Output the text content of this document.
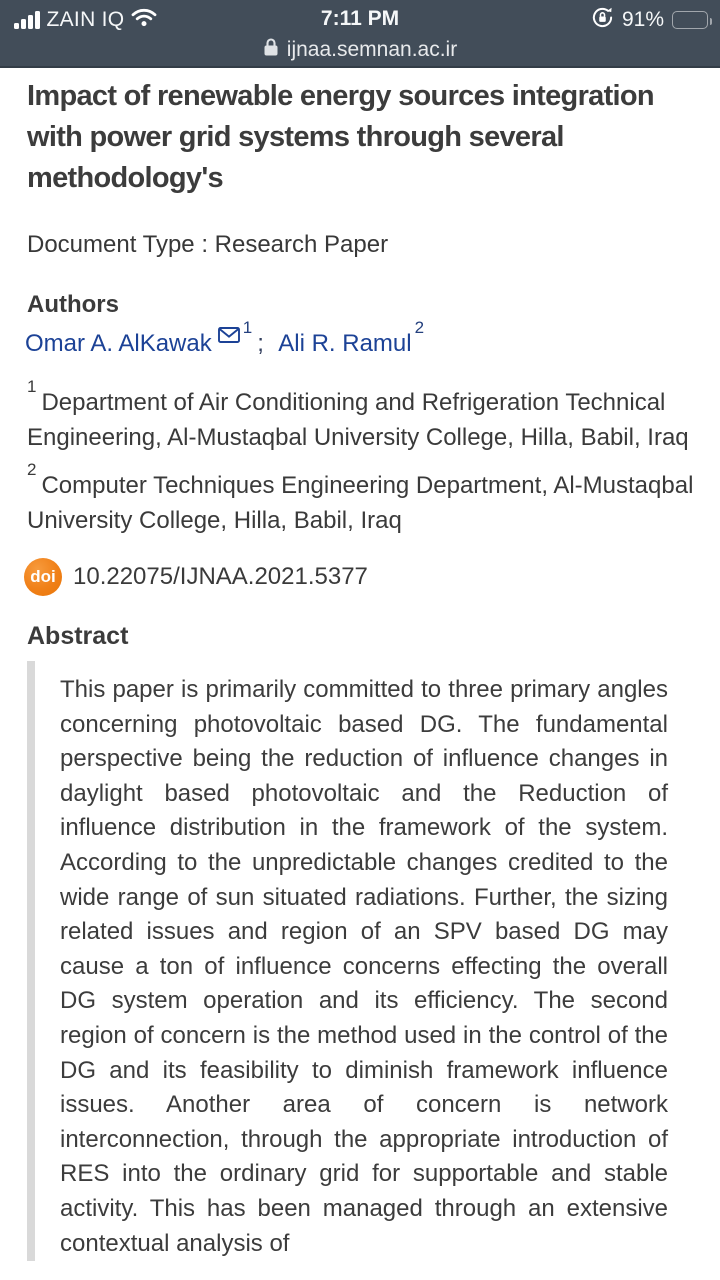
ZAIN IQ	7:11 PM	91%
ijnaa.semnan.ac.ir
Impact of renewable energy sources integration with power grid systems through several methodology's

Document Type : Research Paper

Authors

Omar A. AlKawak$^1$; Ali R. Ramul$^2$

$^1$Department of Air Conditioning and Refrigeration Technical Engineering, Al-Mustaqbal University College, Hilla, Babil, Iraq

$^2$Computer Techniques Engineering Department, Al-Mustaqbal University College, Hilla, Babil, Iraq

doi 10.22075/IJNAA.2021.5377

Abstract

This paper is primarily committed to three primary angles concerning photovoltaic based DG. The fundamental perspective being the reduction of influence changes in daylight based photovoltaic and the Reduction of influence distribution in the framework of the system. According to the unpredictable changes credited to the wide range of sun situated radiations. Further, the sizing related issues and region of an SPV based DG may cause a ton of influence concerns effecting the overall DG system operation and its efficiency. The second region of concern is the method used in the control of the DG and its feasibility to diminish framework influence issues. Another area of concern is network interconnection, through the appropriate introduction of RES into the ordinary grid for supportable and stable activity. This has been managed through an extensive contextual analysis of
